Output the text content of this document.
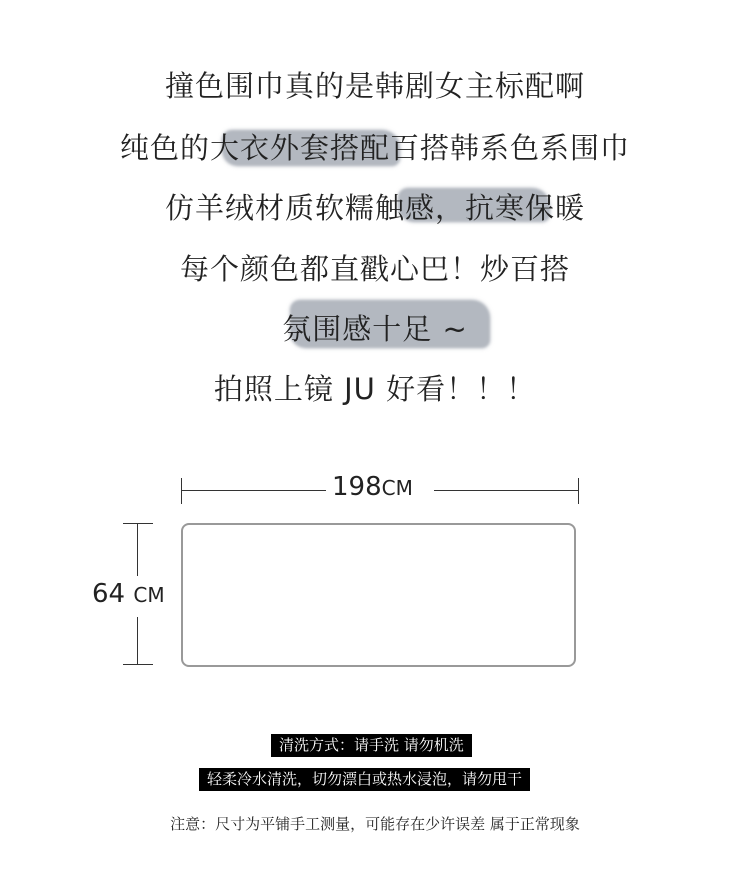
撞色围巾真的是韩剧女主标配啊
纯色的大衣外套搭配百搭韩系色系围巾
仿羊绒材质软糯触感，抗寒保暖
每个颜色都直戳心巴！炒百搭
氛围感十足 ~
拍照上镜 JU 好看！！！
198CM
64 CM
清洗方式：请手洗 请勿机洗
轻柔冷水清洗，切勿漂白或热水浸泡，请勿甩干
注意：尺寸为平铺手工测量，可能存在少许误差 属于正常现象
